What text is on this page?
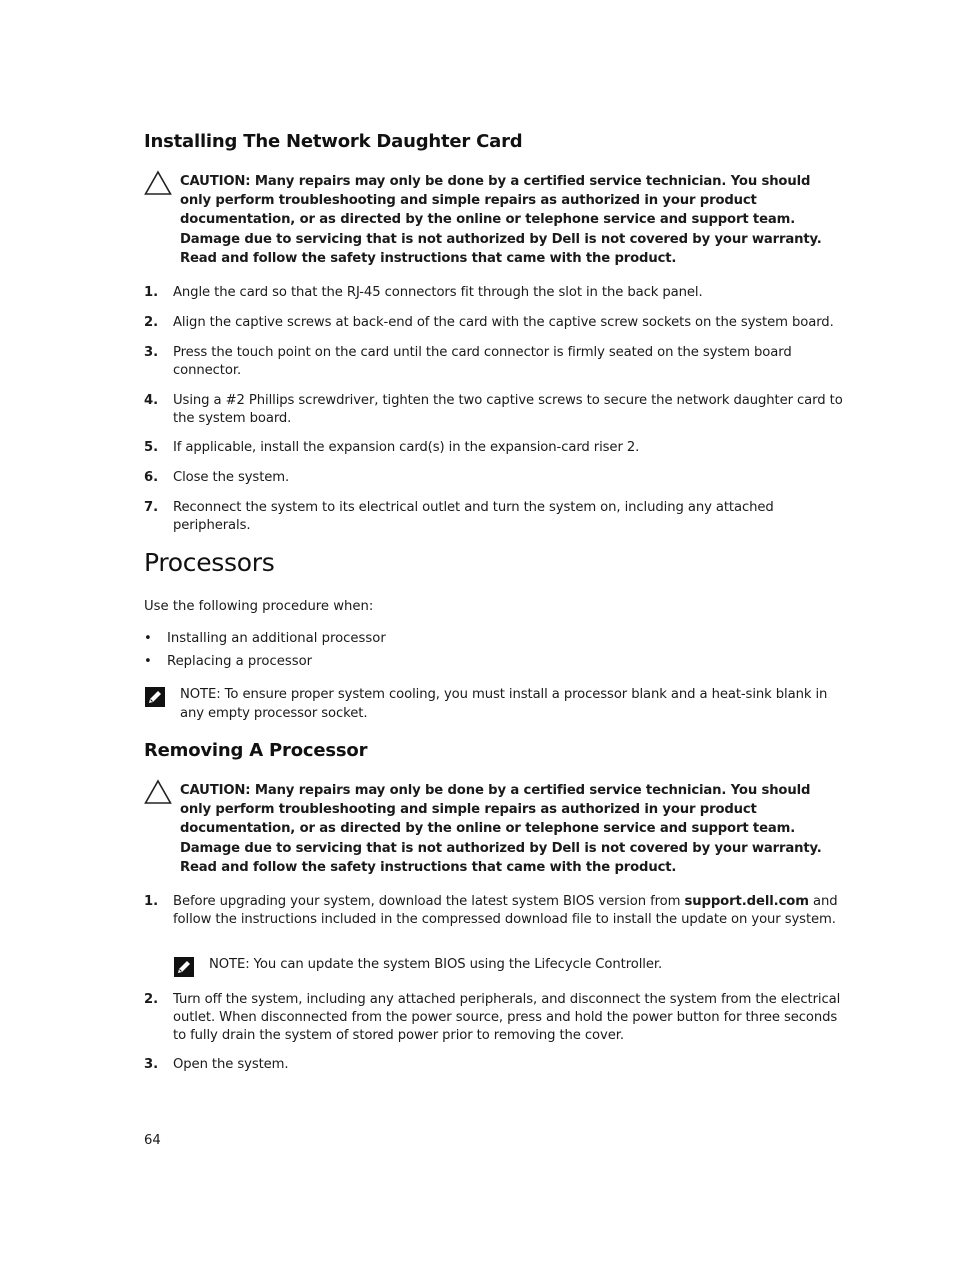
Installing The Network Daughter Card
CAUTION: Many repairs may only be done by a certified service technician. You should only perform troubleshooting and simple repairs as authorized in your product documentation, or as directed by the online or telephone service and support team. Damage due to servicing that is not authorized by Dell is not covered by your warranty. Read and follow the safety instructions that came with the product.
1. Angle the card so that the RJ-45 connectors fit through the slot in the back panel.
2. Align the captive screws at back-end of the card with the captive screw sockets on the system board.
3. Press the touch point on the card until the card connector is firmly seated on the system board connector.
4. Using a #2 Phillips screwdriver, tighten the two captive screws to secure the network daughter card to the system board.
5. If applicable, install the expansion card(s) in the expansion-card riser 2.
6. Close the system.
7. Reconnect the system to its electrical outlet and turn the system on, including any attached peripherals.
Processors
Use the following procedure when:
• Installing an additional processor
• Replacing a processor
NOTE: To ensure proper system cooling, you must install a processor blank and a heat-sink blank in any empty processor socket.
Removing A Processor
CAUTION: Many repairs may only be done by a certified service technician. You should only perform troubleshooting and simple repairs as authorized in your product documentation, or as directed by the online or telephone service and support team. Damage due to servicing that is not authorized by Dell is not covered by your warranty. Read and follow the safety instructions that came with the product.
1. Before upgrading your system, download the latest system BIOS version from support.dell.com and follow the instructions included in the compressed download file to install the update on your system.
NOTE: You can update the system BIOS using the Lifecycle Controller.
2. Turn off the system, including any attached peripherals, and disconnect the system from the electrical outlet. When disconnected from the power source, press and hold the power button for three seconds to fully drain the system of stored power prior to removing the cover.
3. Open the system.
64
